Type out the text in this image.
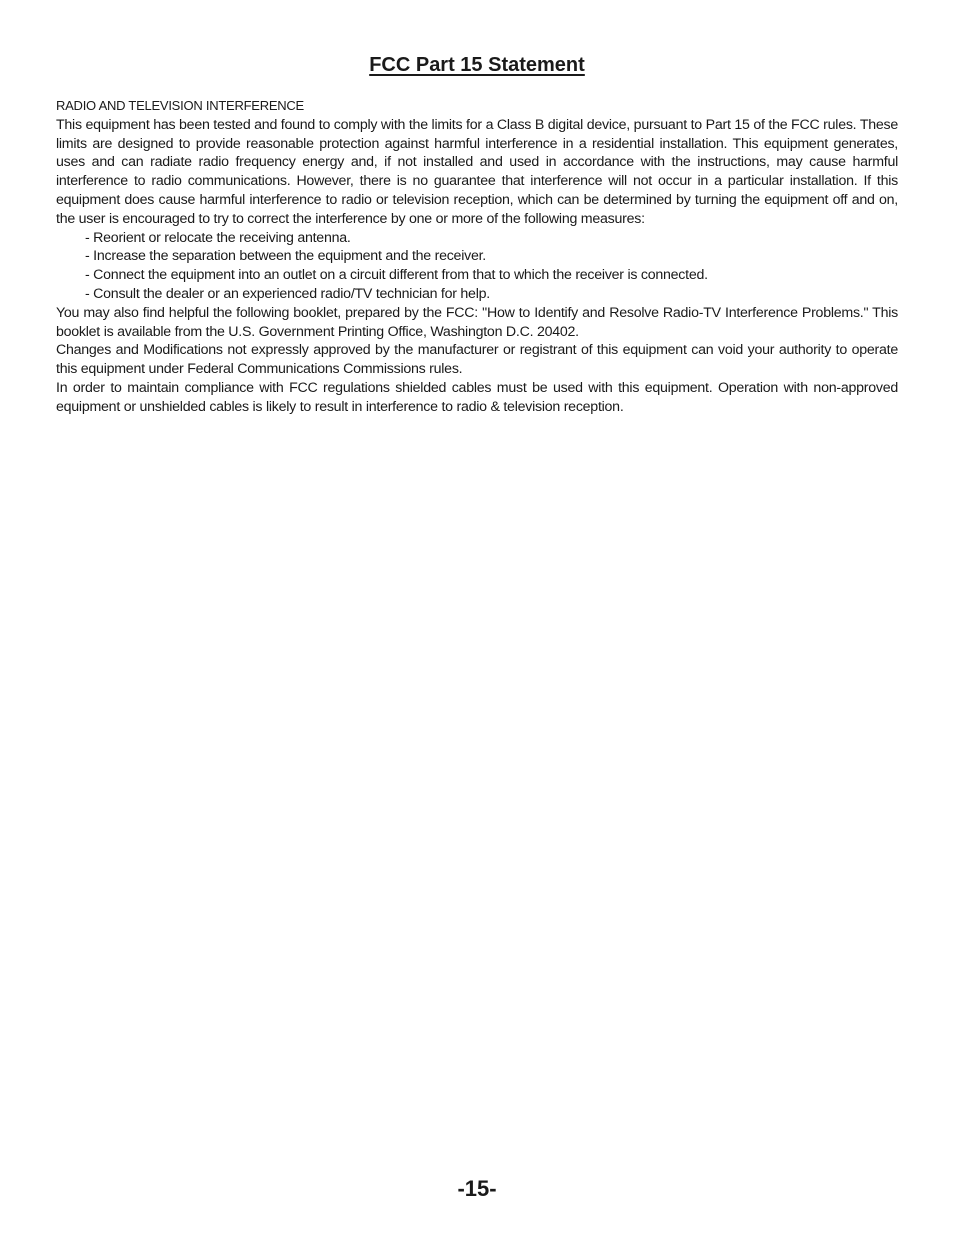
FCC Part 15 Statement

RADIO AND TELEVISION INTERFERENCE

This equipment has been tested and found to comply with the limits for a Class B digital device, pursuant to Part 15 of the FCC rules. These limits are designed to provide reasonable protection against harmful interference in a residential installation. This equipment generates, uses and can radiate radio frequency energy and, if not installed and used in accordance with the instructions, may cause harmful interference to radio communications. However, there is no guarantee that interference will not occur in a particular installation. If this equipment does cause harmful interference to radio or television reception, which can be determined by turning the equipment off and on, the user is encouraged to try to correct the interference by one or more of the following measures:

- Reorient or relocate the receiving antenna.
- Increase the separation between the equipment and the receiver.
- Connect the equipment into an outlet on a circuit different from that to which the receiver is connected.
- Consult the dealer or an experienced radio/TV technician for help.

You may also find helpful the following booklet, prepared by the FCC: "How to Identify and Resolve Radio-TV Interference Problems." This booklet is available from the U.S. Government Printing Office, Washington D.C. 20402.

Changes and Modifications not expressly approved by the manufacturer or registrant of this equipment can void your authority to operate this equipment under Federal Communications Commissions rules.

In order to maintain compliance with FCC regulations shielded cables must be used with this equipment. Operation with non-approved equipment or unshielded cables is likely to result in interference to radio & television reception.

-15-
